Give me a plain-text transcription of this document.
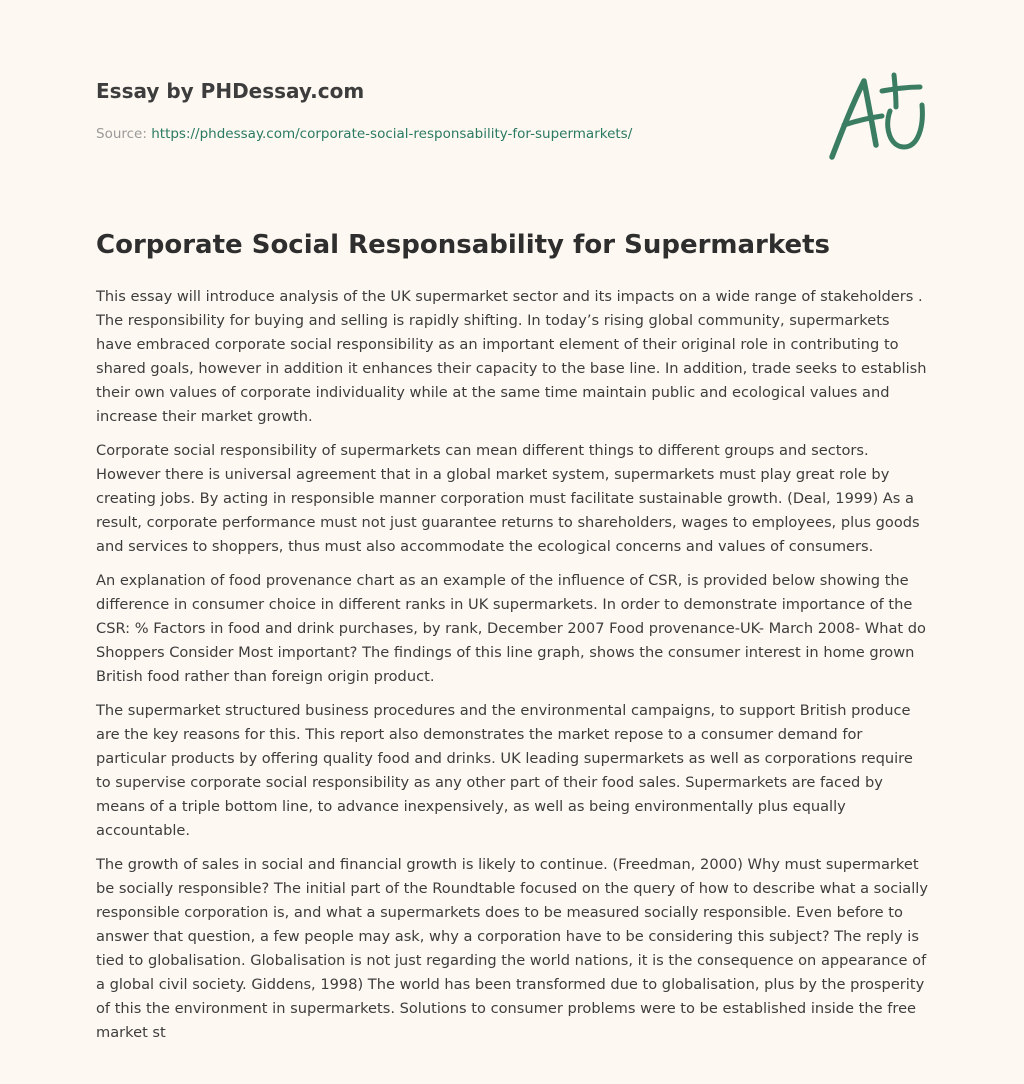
Essay by PHDessay.com
Source: https://phdessay.com/corporate-social-responsability-for-supermarkets/
Corporate Social Responsability for Supermarkets

This essay will introduce analysis of the UK supermarket sector and its impacts on a wide range of stakeholders . The responsibility for buying and selling is rapidly shifting. In today’s rising global community, supermarkets have embraced corporate social responsibility as an important element of their original role in contributing to shared goals, however in addition it enhances their capacity to the base line. In addition, trade seeks to establish their own values of corporate individuality while at the same time maintain public and ecological values and increase their market growth.

Corporate social responsibility of supermarkets can mean different things to different groups and sectors. However there is universal agreement that in a global market system, supermarkets must play great role by creating jobs. By acting in responsible manner corporation must facilitate sustainable growth. (Deal, 1999) As a result, corporate performance must not just guarantee returns to shareholders, wages to employees, plus goods and services to shoppers, thus must also accommodate the ecological concerns and values of consumers.

An explanation of food provenance chart as an example of the influence of CSR, is provided below showing the difference in consumer choice in different ranks in UK supermarkets. In order to demonstrate importance of the CSR: % Factors in food and drink purchases, by rank, December 2007 Food provenance-UK- March 2008- What do Shoppers Consider Most important? The findings of this line graph, shows the consumer interest in home grown British food rather than foreign origin product.

The supermarket structured business procedures and the environmental campaigns, to support British produce are the key reasons for this. This report also demonstrates the market repose to a consumer demand for particular products by offering quality food and drinks. UK leading supermarkets as well as corporations require to supervise corporate social responsibility as any other part of their food sales. Supermarkets are faced by means of a triple bottom line, to advance inexpensively, as well as being environmentally plus equally accountable.

The growth of sales in social and financial growth is likely to continue. (Freedman, 2000) Why must supermarket be socially responsible? The initial part of the Roundtable focused on the query of how to describe what a socially responsible corporation is, and what a supermarkets does to be measured socially responsible. Even before to answer that question, a few people may ask, why a corporation have to be considering this subject? The reply is tied to globalisation. Globalisation is not just regarding the world nations, it is the consequence on appearance of a global civil society. Giddens, 1998) The world has been transformed due to globalisation, plus by the prosperity of this the environment in supermarkets. Solutions to consumer problems were to be established inside the free market st
